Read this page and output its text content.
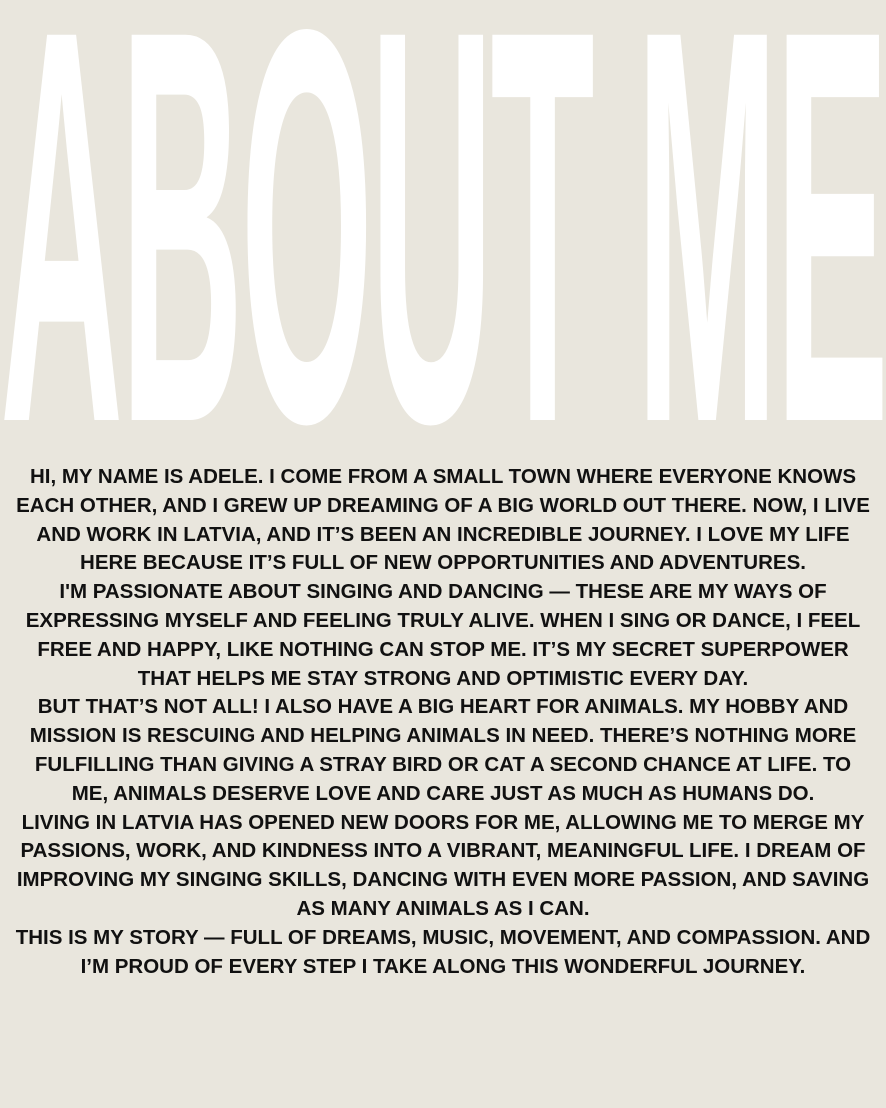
ABOUT ME

HI, MY NAME IS ADELE. I COME FROM A SMALL TOWN WHERE EVERYONE KNOWS EACH OTHER, AND I GREW UP DREAMING OF A BIG WORLD OUT THERE. NOW, I LIVE AND WORK IN LATVIA, AND IT’S BEEN AN INCREDIBLE JOURNEY. I LOVE MY LIFE HERE BECAUSE IT’S FULL OF NEW OPPORTUNITIES AND ADVENTURES.

I'M PASSIONATE ABOUT SINGING AND DANCING — THESE ARE MY WAYS OF EXPRESSING MYSELF AND FEELING TRULY ALIVE. WHEN I SING OR DANCE, I FEEL FREE AND HAPPY, LIKE NOTHING CAN STOP ME. IT’S MY SECRET SUPERPOWER THAT HELPS ME STAY STRONG AND OPTIMISTIC EVERY DAY.

BUT THAT’S NOT ALL! I ALSO HAVE A BIG HEART FOR ANIMALS. MY HOBBY AND MISSION IS RESCUING AND HELPING ANIMALS IN NEED. THERE’S NOTHING MORE FULFILLING THAN GIVING A STRAY BIRD OR CAT A SECOND CHANCE AT LIFE. TO ME, ANIMALS DESERVE LOVE AND CARE JUST AS MUCH AS HUMANS DO.

LIVING IN LATVIA HAS OPENED NEW DOORS FOR ME, ALLOWING ME TO MERGE MY PASSIONS, WORK, AND KINDNESS INTO A VIBRANT, MEANINGFUL LIFE. I DREAM OF IMPROVING MY SINGING SKILLS, DANCING WITH EVEN MORE PASSION, AND SAVING AS MANY ANIMALS AS I CAN.

THIS IS MY STORY — FULL OF DREAMS, MUSIC, MOVEMENT, AND COMPASSION. AND I’M PROUD OF EVERY STEP I TAKE ALONG THIS WONDERFUL JOURNEY.
